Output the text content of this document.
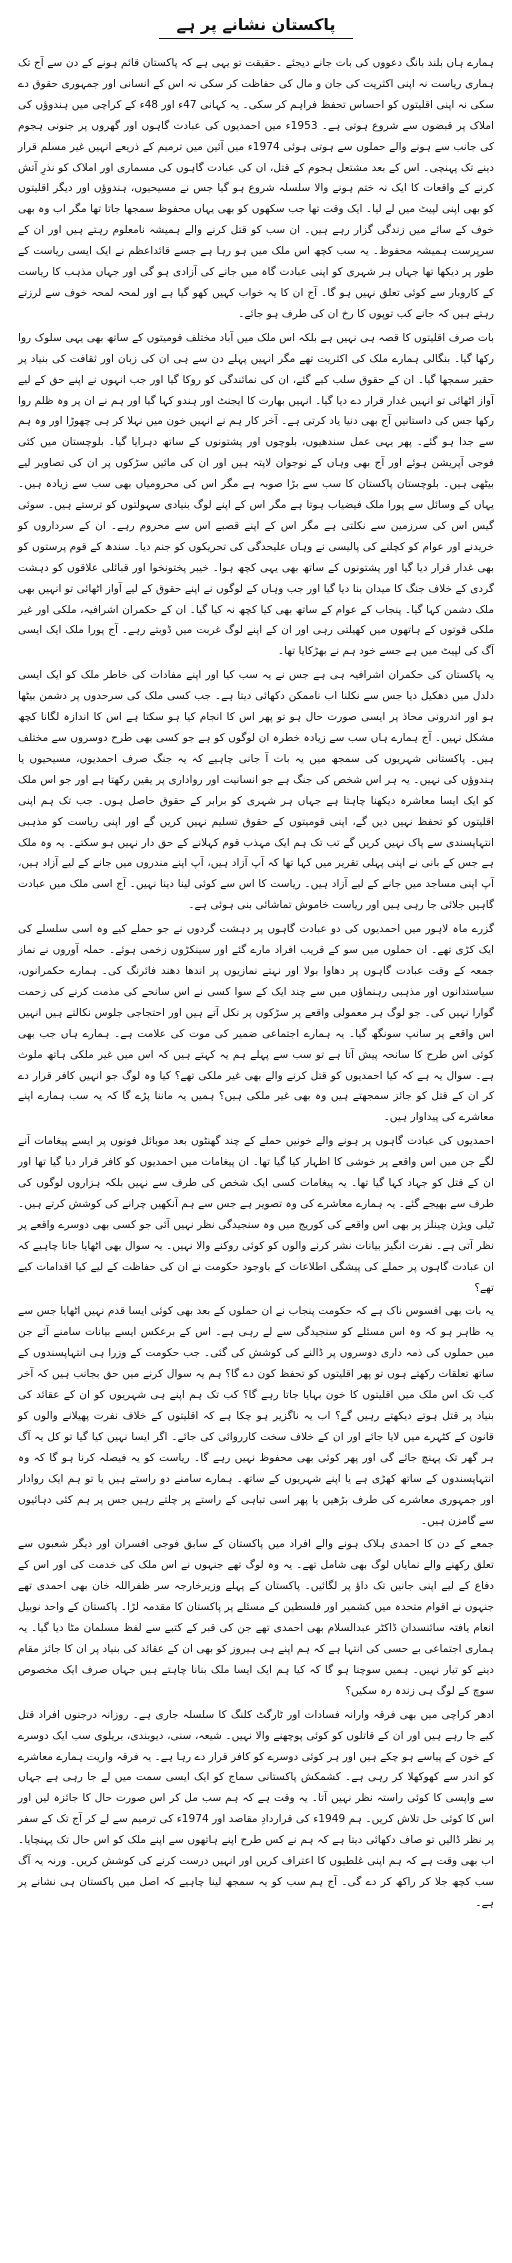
پاکستان نشانے پر ہے

ہمارے ہاں بلند بانگ دعووں کی بات جانے دیجئے ۔حقیقت تو یہی ہے کہ پاکستان قائم ہونے کے دن سے آج تک ہماری ریاست نہ اپنی اکثریت کی جان و مال کی حفاظت کر سکی نہ اس کے انسانی اور جمہوری حقوق دے سکی نہ اپنی اقلیتوں کو احساس تحفظ فراہم کر سکی۔ یہ کہانی 47ء اور 48ء کے کراچی میں ہندوؤں کی املاک پر قبضوں سے شروع ہوتی ہے۔ 1953ء میں احمدیوں کی عبادت گاہوں اور گھروں پر جنونی ہجوم کی جانب سے ہونے والے حملوں سے ہوتی ہوئی 1974ء میں آئین میں ترمیم کے ذریعے انہیں غیر مسلم قرار دینے تک پہنچی۔ اس کے بعد مشتعل ہجوم کے قتل، ان کی عبادت گاہوں کی مسماری اور املاک کو نذرِ آتش کرنے کے واقعات کا ایک نہ ختم ہونے والا سلسلہ شروع ہو گیا جس نے مسیحیوں، ہندوؤں اور دیگر اقلیتوں کو بھی اپنی لپیٹ میں لے لیا۔ ایک وقت تھا جب سکھوں کو بھی یہاں محفوظ سمجھا جاتا تھا مگر اب وہ بھی خوف کے سائے میں زندگی گزار رہے ہیں۔ ان سب کو قتل کرنے والے ہمیشہ نامعلوم رہتے ہیں اور ان کے سرپرست ہمیشہ محفوظ۔ یہ سب کچھ اس ملک میں ہو رہا ہے جسے قائداعظم نے ایک ایسی ریاست کے طور پر دیکھا تھا جہاں ہر شہری کو اپنی عبادت گاہ میں جانے کی آزادی ہو گی اور جہاں مذہب کا ریاست کے کاروبار سے کوئی تعلق نہیں ہو گا۔ آج ان کا یہ خواب کہیں کھو گیا ہے اور لمحہ لمحہ خوف سے لرزتے رہتے ہیں کہ جانے کب توپوں کا رخ ان کی طرف ہو جائے۔

بات صرف اقلیتوں کا قصہ ہی نہیں ہے بلکہ اس ملک میں آباد مختلف قومیتوں کے ساتھ بھی یہی سلوک روا رکھا گیا۔ بنگالی ہمارے ملک کی اکثریت تھے مگر انہیں پہلے دن سے ہی ان کی زبان اور ثقافت کی بنیاد پر حقیر سمجھا گیا۔ ان کے حقوق سلب کیے گئے، ان کی نمائندگی کو روکا گیا اور جب انہوں نے اپنے حق کے لیے آواز اٹھائی تو انہیں غدار قرار دے دیا گیا۔ انہیں بھارت کا ایجنٹ اور ہندو کہا گیا اور ہم نے ان پر وہ ظلم روا رکھا جس کی داستانیں آج بھی دنیا یاد کرتی ہے۔ آخر کار ہم نے انہیں خون میں نہلا کر ہی چھوڑا اور وہ ہم سے جدا ہو گئے۔ پھر یہی عمل سندھیوں، بلوچوں اور پشتونوں کے ساتھ دہرایا گیا۔ بلوچستان میں کئی فوجی آپریشن ہوئے اور آج بھی وہاں کے نوجوان لاپتہ ہیں اور ان کی مائیں سڑکوں پر ان کی تصاویر لیے بیٹھی ہیں۔ بلوچستان پاکستان کا سب سے بڑا صوبہ ہے مگر اس کی محرومیاں بھی سب سے زیادہ ہیں۔ یہاں کے وسائل سے پورا ملک فیضیاب ہوتا ہے مگر اس کے اپنے لوگ بنیادی سہولتوں کو ترستے ہیں۔ سوئی گیس اس کی سرزمین سے نکلتی ہے مگر اس کے اپنے قصبے اس سے محروم رہے۔ ان کے سرداروں کو خریدنے اور عوام کو کچلنے کی پالیسی نے وہاں علیحدگی کی تحریکوں کو جنم دیا۔ سندھ کے قوم پرستوں کو بھی غدار قرار دیا گیا اور پشتونوں کے ساتھ بھی یہی کچھ ہوا۔ خیبر پختونخوا اور قبائلی علاقوں کو دہشت گردی کے خلاف جنگ کا میدان بنا دیا گیا اور جب وہاں کے لوگوں نے اپنے حقوق کے لیے آواز اٹھائی تو انہیں بھی ملک دشمن کہا گیا۔ پنجاب کے عوام کے ساتھ بھی کیا کچھ نہ کیا گیا۔ ان کے حکمران اشرافیہ، ملکی اور غیر ملکی قوتوں کے ہاتھوں میں کھیلتی رہی اور ان کے اپنے لوگ غربت میں ڈوبتے رہے۔ آج پورا ملک ایک ایسی آگ کی لپیٹ میں ہے جسے خود ہم نے بھڑکایا تھا۔

یہ پاکستان کی حکمران اشرافیہ ہی ہے جس نے یہ سب کیا اور اپنے مفادات کی خاطر ملک کو ایک ایسی دلدل میں دھکیل دیا جس سے نکلنا اب ناممکن دکھائی دیتا ہے۔ جب کسی ملک کی سرحدوں پر دشمن بیٹھا ہو اور اندرونی محاذ پر ایسی صورت حال ہو تو پھر اس کا انجام کیا ہو سکتا ہے اس کا اندازہ لگانا کچھ مشکل نہیں۔ آج ہمارے ہاں سب سے زیادہ خطرہ ان لوگوں کو ہے جو کسی بھی طرح دوسروں سے مختلف ہیں۔ پاکستانی شہریوں کی سمجھ میں یہ بات آ جانی چاہیے کہ یہ جنگ صرف احمدیوں، مسیحیوں یا ہندوؤں کی نہیں۔ یہ ہر اس شخص کی جنگ ہے جو انسانیت اور رواداری پر یقین رکھتا ہے اور جو اس ملک کو ایک ایسا معاشرہ دیکھنا چاہتا ہے جہاں ہر شہری کو برابر کے حقوق حاصل ہوں۔ جب تک ہم اپنی اقلیتوں کو تحفظ نہیں دیں گے، اپنی قومیتوں کے حقوق تسلیم نہیں کریں گے اور اپنی ریاست کو مذہبی انتہاپسندی سے پاک نہیں کریں گے تب تک ہم ایک مہذب قوم کہلانے کے حق دار نہیں ہو سکتے۔ یہ وہ ملک ہے جس کے بانی نے اپنی پہلی تقریر میں کہا تھا کہ آپ آزاد ہیں، آپ اپنے مندروں میں جانے کے لیے آزاد ہیں، آپ اپنی مساجد میں جانے کے لیے آزاد ہیں۔ ریاست کا اس سے کوئی لینا دینا نہیں۔ آج اسی ملک میں عبادت گاہیں جلائی جا رہی ہیں اور ریاست خاموش تماشائی بنی ہوئی ہے۔

گزرے ماہ لاہور میں احمدیوں کی دو عبادت گاہوں پر دہشت گردوں نے جو حملے کیے وہ اسی سلسلے کی ایک کڑی تھے۔ ان حملوں میں سو کے قریب افراد مارے گئے اور سینکڑوں زخمی ہوئے۔ حملہ آوروں نے نماز جمعہ کے وقت عبادت گاہوں پر دھاوا بولا اور نہتے نمازیوں پر اندھا دھند فائرنگ کی۔ ہمارے حکمرانوں، سیاستدانوں اور مذہبی رہنماؤں میں سے چند ایک کے سوا کسی نے اس سانحے کی مذمت کرنے کی زحمت گوارا نہیں کی۔ جو لوگ ہر معمولی واقعے پر سڑکوں پر نکل آتے ہیں اور احتجاجی جلوس نکالتے ہیں انہیں اس واقعے پر سانپ سونگھ گیا۔ یہ ہمارے اجتماعی ضمیر کی موت کی علامت ہے۔ ہمارے ہاں جب بھی کوئی اس طرح کا سانحہ پیش آتا ہے تو سب سے پہلے ہم یہ کہتے ہیں کہ اس میں غیر ملکی ہاتھ ملوث ہے۔ سوال یہ ہے کہ کیا احمدیوں کو قتل کرنے والے بھی غیر ملکی تھے؟ کیا وہ لوگ جو انہیں کافر قرار دے کر ان کے قتل کو جائز سمجھتے ہیں وہ بھی غیر ملکی ہیں؟ ہمیں یہ ماننا پڑے گا کہ یہ سب ہمارے اپنے معاشرے کی پیداوار ہیں۔

احمدیوں کی عبادت گاہوں پر ہونے والے خونیں حملے کے چند گھنٹوں بعد موبائل فونوں پر ایسے پیغامات آنے لگے جن میں اس واقعے پر خوشی کا اظہار کیا گیا تھا۔ ان پیغامات میں احمدیوں کو کافر قرار دیا گیا تھا اور ان کے قتل کو جہاد کہا گیا تھا۔ یہ پیغامات کسی ایک شخص کی طرف سے نہیں بلکہ ہزاروں لوگوں کی طرف سے بھیجے گئے۔ یہ ہمارے معاشرے کی وہ تصویر ہے جس سے ہم آنکھیں چرانے کی کوشش کرتے ہیں۔ ٹیلی ویژن چینلز پر بھی اس واقعے کی کوریج میں وہ سنجیدگی نظر نہیں آئی جو کسی بھی دوسرے واقعے پر نظر آتی ہے۔ نفرت انگیز بیانات نشر کرنے والوں کو کوئی روکنے والا نہیں۔ یہ سوال بھی اٹھایا جانا چاہیے کہ ان عبادت گاہوں پر حملے کی پیشگی اطلاعات کے باوجود حکومت نے ان کی حفاظت کے لیے کیا اقدامات کیے تھے؟

یہ بات بھی افسوس ناک ہے کہ حکومت پنجاب نے ان حملوں کے بعد بھی کوئی ایسا قدم نہیں اٹھایا جس سے یہ ظاہر ہو کہ وہ اس مسئلے کو سنجیدگی سے لے رہی ہے۔ اس کے برعکس ایسے بیانات سامنے آئے جن میں حملوں کی ذمہ داری دوسروں پر ڈالنے کی کوشش کی گئی۔ جب حکومت کے وزرا ہی انتہاپسندوں کے ساتھ تعلقات رکھتے ہوں تو پھر اقلیتوں کو تحفظ کون دے گا؟ ہم یہ سوال کرنے میں حق بجانب ہیں کہ آخر کب تک اس ملک میں اقلیتوں کا خون بہایا جاتا رہے گا؟ کب تک ہم اپنے ہی شہریوں کو ان کے عقائد کی بنیاد پر قتل ہوتے دیکھتے رہیں گے؟ اب یہ ناگزیر ہو چکا ہے کہ اقلیتوں کے خلاف نفرت پھیلانے والوں کو قانون کے کٹہرے میں لایا جائے اور ان کے خلاف سخت کارروائی کی جائے۔ اگر ایسا نہیں کیا گیا تو کل یہ آگ ہر گھر تک پہنچ جائے گی اور پھر کوئی بھی محفوظ نہیں رہے گا۔ ریاست کو یہ فیصلہ کرنا ہو گا کہ وہ انتہاپسندوں کے ساتھ کھڑی ہے یا اپنے شہریوں کے ساتھ۔ ہمارے سامنے دو راستے ہیں یا تو ہم ایک روادار اور جمہوری معاشرے کی طرف بڑھیں یا پھر اسی تباہی کے راستے پر چلتے رہیں جس پر ہم کئی دہائیوں سے گامزن ہیں۔

جمعے کے دن کا احمدی ہلاک ہونے والے افراد میں پاکستان کے سابق فوجی افسران اور دیگر شعبوں سے تعلق رکھنے والے نمایاں لوگ بھی شامل تھے۔ یہ وہ لوگ تھے جنہوں نے اس ملک کی خدمت کی اور اس کے دفاع کے لیے اپنی جانیں تک داؤ پر لگائیں۔ پاکستان کے پہلے وزیرخارجہ سر ظفراللہ خان بھی احمدی تھے جنہوں نے اقوام متحدہ میں کشمیر اور فلسطین کے مسئلے پر پاکستان کا مقدمہ لڑا۔ پاکستان کے واحد نوبیل انعام یافتہ سائنسدان ڈاکٹر عبدالسلام بھی احمدی تھے جن کی قبر کے کتبے سے لفظ مسلمان مٹا دیا گیا۔ یہ ہماری اجتماعی بے حسی کی انتہا ہے کہ ہم اپنے ہی ہیروز کو بھی ان کے عقائد کی بنیاد پر ان کا جائز مقام دینے کو تیار نہیں۔ ہمیں سوچنا ہو گا کہ کیا ہم ایک ایسا ملک بنانا چاہتے ہیں جہاں صرف ایک مخصوص سوچ کے لوگ ہی زندہ رہ سکیں؟

ادھر کراچی میں بھی فرقہ وارانہ فسادات اور ٹارگٹ کلنگ کا سلسلہ جاری ہے۔ روزانہ درجنوں افراد قتل کیے جا رہے ہیں اور ان کے قاتلوں کو کوئی پوچھنے والا نہیں۔ شیعہ، سنی، دیوبندی، بریلوی سب ایک دوسرے کے خون کے پیاسے ہو چکے ہیں اور ہر کوئی دوسرے کو کافر قرار دے رہا ہے۔ یہ فرقہ واریت ہمارے معاشرے کو اندر سے کھوکھلا کر رہی ہے۔ کشمکش پاکستانی سماج کو ایک ایسی سمت میں لے جا رہی ہے جہاں سے واپسی کا کوئی راستہ نظر نہیں آتا۔ یہ وقت ہے کہ ہم سب مل کر اس صورت حال کا جائزہ لیں اور اس کا کوئی حل تلاش کریں۔ ہم 1949ء کی قراردادِ مقاصد اور 1974ء کی ترمیم سے لے کر آج تک کے سفر پر نظر ڈالیں تو صاف دکھائی دیتا ہے کہ ہم نے کس طرح اپنے ہاتھوں سے اپنے ملک کو اس حال تک پہنچایا۔ اب بھی وقت ہے کہ ہم اپنی غلطیوں کا اعتراف کریں اور انہیں درست کرنے کی کوشش کریں۔ ورنہ یہ آگ سب کچھ جلا کر راکھ کر دے گی۔ آج ہم سب کو یہ سمجھ لینا چاہیے کہ اصل میں پاکستان ہی نشانے پر ہے۔
